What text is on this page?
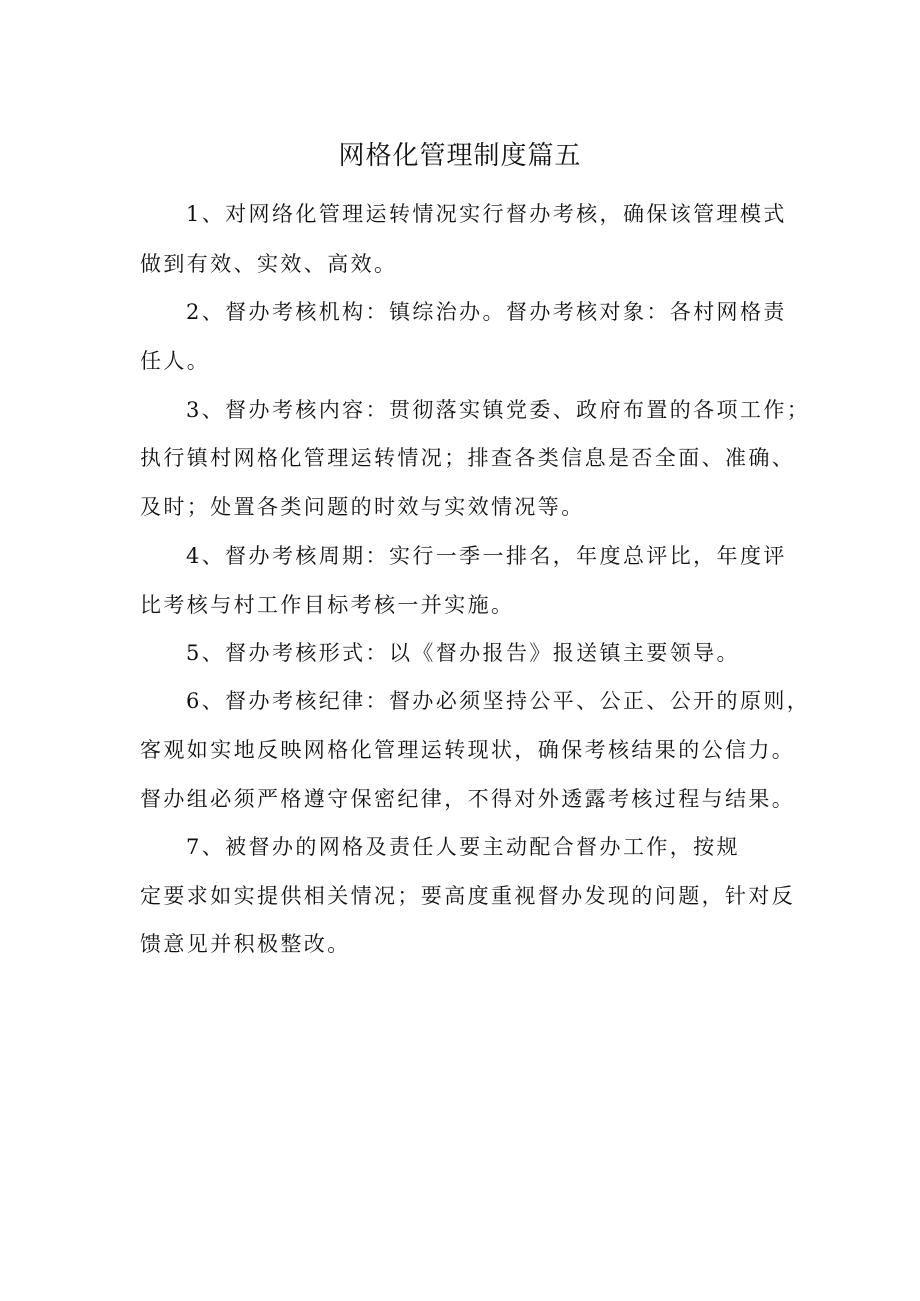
网格化管理制度篇五

1、对网络化管理运转情况实行督办考核，确保该管理模式

做到有效、实效、高效。

2、督办考核机构：镇综治办。督办考核对象：各村网格责

任人。

3、督办考核内容：贯彻落实镇党委、政府布置的各项工作；

执行镇村网格化管理运转情况；排查各类信息是否全面、准确、

及时；处置各类问题的时效与实效情况等。

4、督办考核周期：实行一季一排名，年度总评比，年度评

比考核与村工作目标考核一并实施。

5、督办考核形式：以《督办报告》报送镇主要领导。

6、督办考核纪律：督办必须坚持公平、公正、公开的原则，

客观如实地反映网格化管理运转现状，确保考核结果的公信力。

督办组必须严格遵守保密纪律，不得对外透露考核过程与结果。

7、被督办的网格及责任人要主动配合督办工作，按规

定要求如实提供相关情况；要高度重视督办发现的问题，针对反

馈意见并积极整改。
